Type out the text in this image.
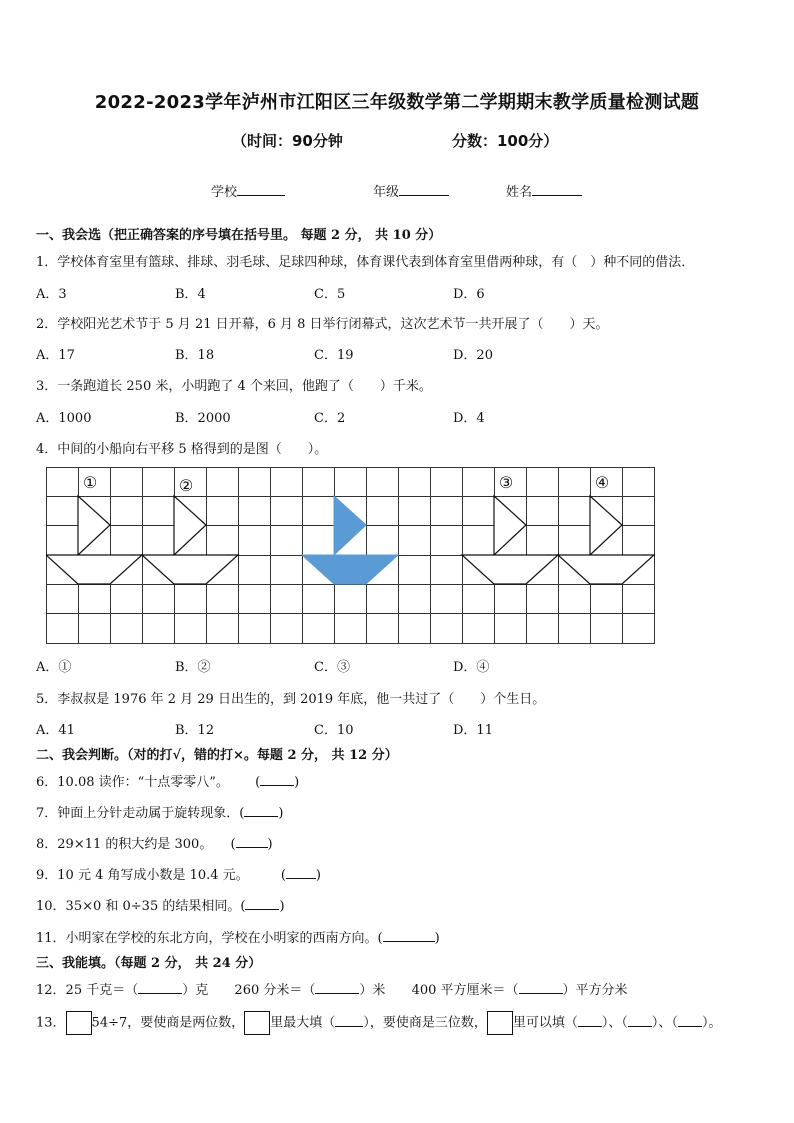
2022-2023学年泸州市江阳区三年级数学第二学期期末教学质量检测试题
（时间：90分钟	分数：100分）
学校	年级	姓名
一、我会选（把正确答案的序号填在括号里。 每题 2 分， 共 10 分）
1．学校体育室里有篮球、排球、羽毛球、足球四种球，体育课代表到体育室里借两种球，有（　）种不同的借法．
A．3	B．4	C．5	D．6
2．学校阳光艺术节于 5 月 21 日开幕，6 月 8 日举行闭幕式，这次艺术节一共开展了（　　）天。
A．17	B．18	C．19	D．20
3．一条跑道长 250 米，小明跑了 4 个来回，他跑了（　　）千米。
A．1000	B．2000	C．2	D．4
4．中间的小船向右平移 5 格得到的是图（　　）。
①	②	③	④
A．①	B．②	C．③	D．④
5．李叔叔是 1976 年 2 月 29 日出生的，到 2019 年底，他一共过了（　　）个生日。
A．41	B．12	C．10	D．11
二、我会判断。（对的打√，错的打×。每题 2 分， 共 12 分）
6．10.08 读作：“十点零零八”。 (	)
7．钟面上分针走动属于旋转现象．(	)
8．29×11 的积大约是 300。 ( )
9．10 元 4 角写成小数是 10.4 元。 ( )
10．35×0 和 0÷35 的结果相同。(	)
11．小明家在学校的东北方向，学校在小明家的西南方向。(	)
三、我能填。（每题 2 分， 共 24 分）
12．25 千克＝（	）克 260 分米＝（	）米 400 平方厘米＝（	）平方分米
13． 54÷7，要使商是两位数， 里最大填（ ），要使商是三位数， 里可以填（ ）、（ ）、（ ）。
